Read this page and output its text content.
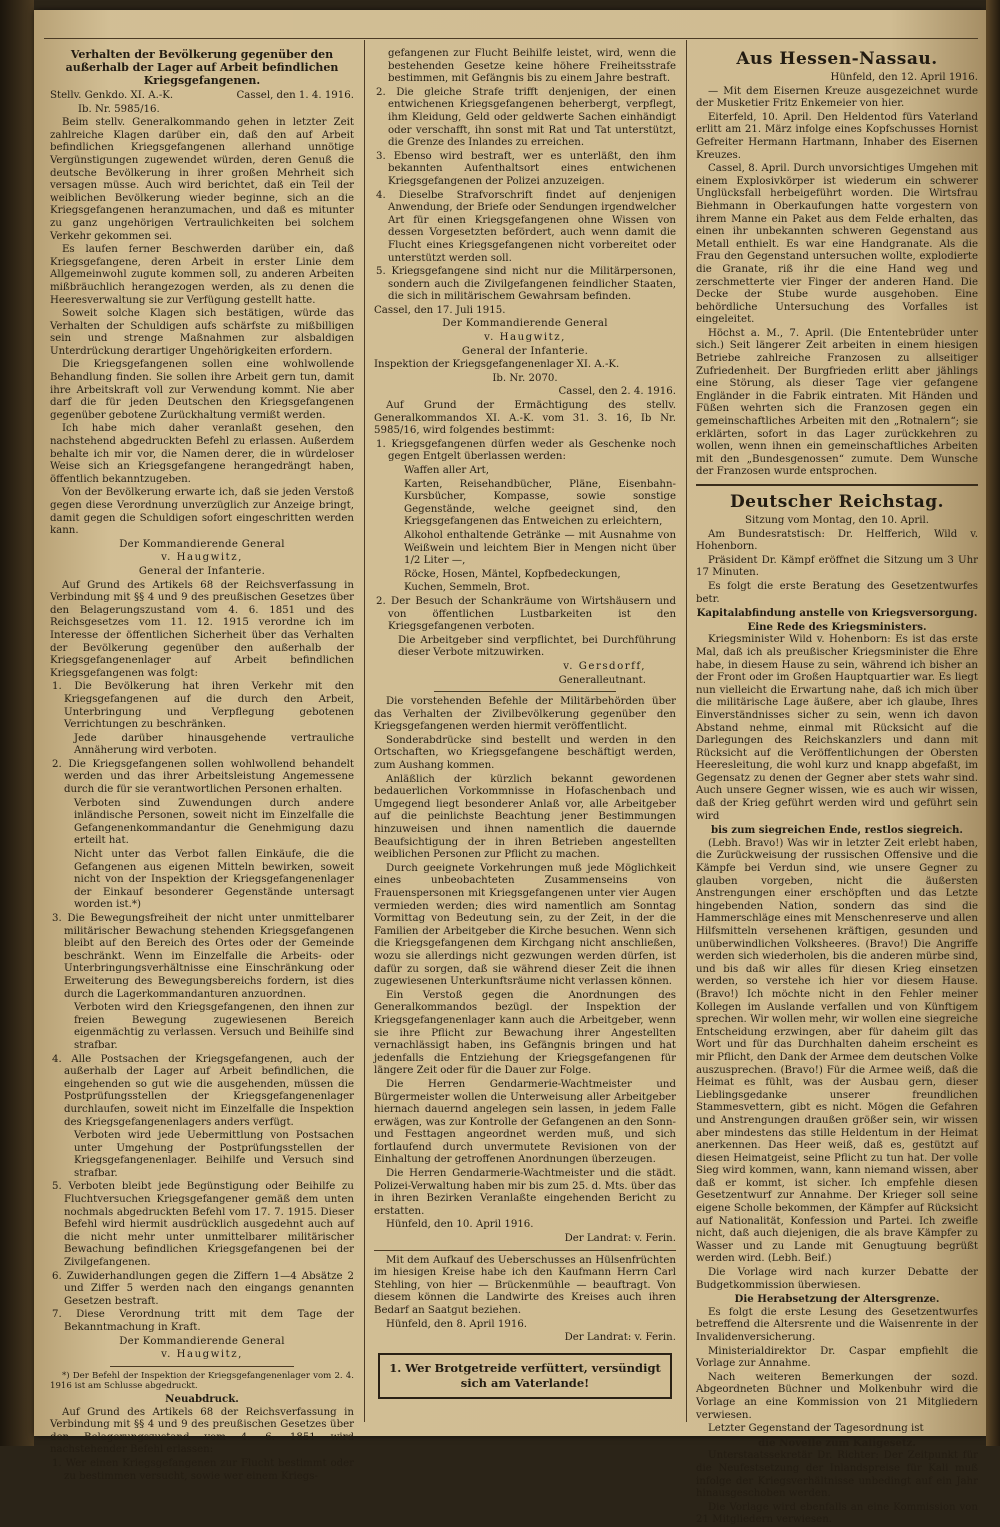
Verhalten der Bevölkerung gegenüber den außerhalb der Lager auf Arbeit befindlichen Kriegsgefangenen.

Stellv. Genkdo. XI. A.-K.	Cassel, den 1. 4. 1916.

Ib. Nr. 5985/16.

Beim stellv. Generalkommando gehen in letzter Zeit zahlreiche Klagen darüber ein, daß den auf Arbeit befindlichen Kriegsgefangenen allerhand unnötige Vergünstigungen zugewendet würden, deren Genuß die deutsche Bevölkerung in ihrer großen Mehrheit sich versagen müsse. Auch wird berichtet, daß ein Teil der weiblichen Bevölkerung wieder beginne, sich an die Kriegsgefangenen heranzumachen, und daß es mitunter zu ganz ungehörigen Vertraulichkeiten bei solchem Verkehr gekommen sei.

Es laufen ferner Beschwerden darüber ein, daß Kriegsgefangene, deren Arbeit in erster Linie dem Allgemeinwohl zugute kommen soll, zu anderen Arbeiten mißbräuchlich herangezogen werden, als zu denen die Heeresverwaltung sie zur Verfügung gestellt hatte.

Soweit solche Klagen sich bestätigen, würde das Verhalten der Schuldigen aufs schärfste zu mißbilligen sein und strenge Maßnahmen zur alsbaldigen Unterdrückung derartiger Ungehörigkeiten erfordern.

Die Kriegsgefangenen sollen eine wohlwollende Behandlung finden. Sie sollen ihre Arbeit gern tun, damit ihre Arbeitskraft voll zur Verwendung kommt. Nie aber darf die für jeden Deutschen den Kriegsgefangenen gegenüber gebotene Zurückhaltung vermißt werden.

Ich habe mich daher veranlaßt gesehen, den nachstehend abgedruckten Befehl zu erlassen. Außerdem behalte ich mir vor, die Namen derer, die in würdeloser Weise sich an Kriegsgefangene herangedrängt haben, öffentlich bekanntzugeben.

Von der Bevölkerung erwarte ich, daß sie jeden Verstoß gegen diese Verordnung unverzüglich zur Anzeige bringt, damit gegen die Schuldigen sofort eingeschritten werden kann.

Der Kommandierende General

v. Haugwitz,

General der Infanterie.

Auf Grund des Artikels 68 der Reichsverfassung in Verbindung mit §§ 4 und 9 des preußischen Gesetzes über den Belagerungszustand vom 4. 6. 1851 und des Reichsgesetzes vom 11. 12. 1915 verordne ich im Interesse der öffentlichen Sicherheit über das Verhalten der Bevölkerung gegenüber den außerhalb der Kriegsgefangenenlager auf Arbeit befindlichen Kriegsgefangenen was folgt:

1. Die Bevölkerung hat ihren Verkehr mit den Kriegsgefangenen auf die durch den Arbeit, Unterbringung und Verpflegung gebotenen Verrichtungen zu beschränken.

Jede darüber hinausgehende vertrauliche Annäherung wird verboten.

2. Die Kriegsgefangenen sollen wohlwollend behandelt werden und das ihrer Arbeitsleistung Angemessene durch die für sie verantwortlichen Personen erhalten.

Verboten sind Zuwendungen durch andere inländische Personen, soweit nicht im Einzelfalle die Gefangenenkommandantur die Genehmigung dazu erteilt hat.

Nicht unter das Verbot fallen Einkäufe, die die Gefangenen aus eigenen Mitteln bewirken, soweit nicht von der Inspektion der Kriegsgefangenenlager der Einkauf besonderer Gegenstände untersagt worden ist.*)

3. Die Bewegungsfreiheit der nicht unter unmittelbarer militärischer Bewachung stehenden Kriegsgefangenen bleibt auf den Bereich des Ortes oder der Gemeinde beschränkt. Wenn im Einzelfalle die Arbeits- oder Unterbringungsverhältnisse eine Einschränkung oder Erweiterung des Bewegungsbereichs fordern, ist dies durch die Lagerkommandanturen anzuordnen.

Verboten wird den Kriegsgefangenen, den ihnen zur freien Bewegung zugewiesenen Bereich eigenmächtig zu verlassen. Versuch und Beihilfe sind strafbar.

4. Alle Postsachen der Kriegsgefangenen, auch der außerhalb der Lager auf Arbeit befindlichen, die eingehenden so gut wie die ausgehenden, müssen die Postprüfungsstellen der Kriegsgefangenenlager durchlaufen, soweit nicht im Einzelfalle die Inspektion des Kriegsgefangenenlagers anders verfügt.

Verboten wird jede Uebermittlung von Postsachen unter Umgehung der Postprüfungsstellen der Kriegsgefangenenlager. Beihilfe und Versuch sind strafbar.

5. Verboten bleibt jede Begünstigung oder Beihilfe zu Fluchtversuchen Kriegsgefangener gemäß dem unten nochmals abgedruckten Befehl vom 17. 7. 1915. Dieser Befehl wird hiermit ausdrücklich ausgedehnt auch auf die nicht mehr unter unmittelbarer militärischer Bewachung befindlichen Kriegsgefangenen bei der Zivilgefangenen.

6. Zuwiderhandlungen gegen die Ziffern 1—4 Absätze 2 und Ziffer 5 werden nach den eingangs genannten Gesetzen bestraft.

7. Diese Verordnung tritt mit dem Tage der Bekanntmachung in Kraft.

Der Kommandierende General

v. Haugwitz,

*) Der Befehl der Inspektion der Kriegsgefangenenlager vom 2. 4. 1916 ist am Schlusse abgedruckt.

Neuabdruck.

Auf Grund des Artikels 68 der Reichsverfassung in Verbindung mit §§ 4 und 9 des preußischen Gesetzes über den Belagerungszustand vom 4. 6. 1851 wird nachstehender Befehl erlassen:

1. Wer einen Kriegsgefangenen zur Flucht bestimmt oder zu bestimmen versucht, sowie wer einem Kriegs-

gefangenen zur Flucht Beihilfe leistet, wird, wenn die bestehenden Gesetze keine höhere Freiheitsstrafe bestimmen, mit Gefängnis bis zu einem Jahre bestraft.

2. Die gleiche Strafe trifft denjenigen, der einen entwichenen Kriegsgefangenen beherbergt, verpflegt, ihm Kleidung, Geld oder geldwerte Sachen einhändigt oder verschafft, ihn sonst mit Rat und Tat unterstützt, die Grenze des Inlandes zu erreichen.

3. Ebenso wird bestraft, wer es unterläßt, den ihm bekannten Aufenthaltsort eines entwichenen Kriegsgefangenen der Polizei anzuzeigen.

4. Dieselbe Strafvorschrift findet auf denjenigen Anwendung, der Briefe oder Sendungen irgendwelcher Art für einen Kriegsgefangenen ohne Wissen von dessen Vorgesetzten befördert, auch wenn damit die Flucht eines Kriegsgefangenen nicht vorbereitet oder unterstützt werden soll.

5. Kriegsgefangene sind nicht nur die Militärpersonen, sondern auch die Zivilgefangenen feindlicher Staaten, die sich in militärischem Gewahrsam befinden.

Cassel, den 17. Juli 1915.

Der Kommandierende General

v. Haugwitz,

General der Infanterie.

Inspektion der Kriegsgefangenenlager XI. A.-K.

Ib. Nr. 2070.

Cassel, den 2. 4. 1916.

Auf Grund der Ermächtigung des stellv. Generalkommandos XI. A.-K. vom 31. 3. 16, Ib Nr. 5985/16, wird folgendes bestimmt:

1. Kriegsgefangenen dürfen weder als Geschenke noch gegen Entgelt überlassen werden:

Waffen aller Art,

Karten, Reisehandbücher, Pläne, Eisenbahn-Kursbücher, Kompasse, sowie sonstige Gegenstände, welche geeignet sind, den Kriegsgefangenen das Entweichen zu erleichtern,

Alkohol enthaltende Getränke — mit Ausnahme von Weißwein und leichtem Bier in Mengen nicht über 1/2 Liter —,

Röcke, Hosen, Mäntel, Kopfbedeckungen,

Kuchen, Semmeln, Brot.

2. Der Besuch der Schankräume von Wirtshäusern und von öffentlichen Lustbarkeiten ist den Kriegsgefangenen verboten.

Die Arbeitgeber sind verpflichtet, bei Durchführung dieser Verbote mitzuwirken.

v. Gersdorff,

Generalleutnant.

Die vorstehenden Befehle der Militärbehörden über das Verhalten der Zivilbevölkerung gegenüber den Kriegsgefangenen werden hiermit veröffentlicht.

Sonderabdrücke sind bestellt und werden in den Ortschaften, wo Kriegsgefangene beschäftigt werden, zum Aushang kommen.

Anläßlich der kürzlich bekannt gewordenen bedauerlichen Vorkommnisse in Hofaschenbach und Umgegend liegt besonderer Anlaß vor, alle Arbeitgeber auf die peinlichste Beachtung jener Bestimmungen hinzuweisen und ihnen namentlich die dauernde Beaufsichtigung der in ihren Betrieben angestellten weiblichen Personen zur Pflicht zu machen.

Durch geeignete Vorkehrungen muß jede Möglichkeit eines unbeobachteten Zusammenseins von Frauenspersonen mit Kriegsgefangenen unter vier Augen vermieden werden; dies wird namentlich am Sonntag Vormittag von Bedeutung sein, zu der Zeit, in der die Familien der Arbeitgeber die Kirche besuchen. Wenn sich die Kriegsgefangenen dem Kirchgang nicht anschließen, wozu sie allerdings nicht gezwungen werden dürfen, ist dafür zu sorgen, daß sie während dieser Zeit die ihnen zugewiesenen Unterkunftsräume nicht verlassen können.

Ein Verstoß gegen die Anordnungen des Generalkommandos bezügl. der Inspektion der Kriegsgefangenenlager kann auch die Arbeitgeber, wenn sie ihre Pflicht zur Bewachung ihrer Angestellten vernachlässigt haben, ins Gefängnis bringen und hat jedenfalls die Entziehung der Kriegsgefangenen für längere Zeit oder für die Dauer zur Folge.

Die Herren Gendarmerie-Wachtmeister und Bürgermeister wollen die Unterweisung aller Arbeitgeber hiernach dauernd angelegen sein lassen, in jedem Falle erwägen, was zur Kontrolle der Gefangenen an den Sonn- und Festtagen angeordnet werden muß, und sich fortlaufend durch unvermutete Revisionen von der Einhaltung der getroffenen Anordnungen überzeugen.

Die Herren Gendarmerie-Wachtmeister und die städt. Polizei-Verwaltung haben mir bis zum 25. d. Mts. über das in ihren Bezirken Veranlaßte eingehenden Bericht zu erstatten.

Hünfeld, den 10. April 1916.

Der Landrat: v. Ferin.

Mit dem Aufkauf des Ueberschusses an Hülsenfrüchten im hiesigen Kreise habe ich den Kaufmann Herrn Carl Stehling, von hier — Brückenmühle — beauftragt. Von diesem können die Landwirte des Kreises auch ihren Bedarf an Saatgut beziehen.

Hünfeld, den 8. April 1916.

Der Landrat: v. Ferin.

1. Wer Brotgetreide verfüttert, versündigt sich am Vaterlande!

Aus Hessen-Nassau.

Hünfeld, den 12. April 1916.

— Mit dem Eisernen Kreuze ausgezeichnet wurde der Musketier Fritz Enkemeier von hier.

Eiterfeld, 10. April. Den Heldentod fürs Vaterland erlitt am 21. März infolge eines Kopfschusses Hornist Gefreiter Hermann Hartmann, Inhaber des Eisernen Kreuzes.

Cassel, 8. April. Durch unvorsichtiges Umgehen mit einem Explosivkörper ist wiederum ein schwerer Unglücksfall herbeigeführt worden. Die Wirtsfrau Biehmann in Oberkaufungen hatte vorgestern von ihrem Manne ein Paket aus dem Felde erhalten, das einen ihr unbekannten schweren Gegenstand aus Metall enthielt. Es war eine Handgranate. Als die Frau den Gegenstand untersuchen wollte, explodierte die Granate, riß ihr die eine Hand weg und zerschmetterte vier Finger der anderen Hand. Die Decke der Stube wurde ausgehoben. Eine behördliche Untersuchung des Vorfalles ist eingeleitet.

Höchst a. M., 7. April. (Die Ententebrüder unter sich.) Seit längerer Zeit arbeiten in einem hiesigen Betriebe zahlreiche Franzosen zu allseitiger Zufriedenheit. Der Burgfrieden erlitt aber jählings eine Störung, als dieser Tage vier gefangene Engländer in die Fabrik eintraten. Mit Händen und Füßen wehrten sich die Franzosen gegen ein gemeinschaftliches Arbeiten mit den „Rotnalern“; sie erklärten, sofort in das Lager zurückkehren zu wollen, wenn ihnen ein gemeinschaftliches Arbeiten mit den „Bundesgenossen“ zumute. Dem Wunsche der Franzosen wurde entsprochen.

Deutscher Reichstag.

Sitzung vom Montag, den 10. April.

Am Bundesratstisch: Dr. Helfferich, Wild v. Hohenborn.

Präsident Dr. Kämpf eröffnet die Sitzung um 3 Uhr 17 Minuten.

Es folgt die erste Beratung des Gesetzentwurfes betr.

Kapitalabfindung anstelle von Kriegsversorgung.

Eine Rede des Kriegsministers.

Kriegsminister Wild v. Hohenborn: Es ist das erste Mal, daß ich als preußischer Kriegsminister die Ehre habe, in diesem Hause zu sein, während ich bisher an der Front oder im Großen Hauptquartier war. Es liegt nun vielleicht die Erwartung nahe, daß ich mich über die militärische Lage äußere, aber ich glaube, Ihres Einverständnisses sicher zu sein, wenn ich davon Abstand nehme, einmal mit Rücksicht auf die Darlegungen des Reichskanzlers und dann mit Rücksicht auf die Veröffentlichungen der Obersten Heeresleitung, die wohl kurz und knapp abgefaßt, im Gegensatz zu denen der Gegner aber stets wahr sind. Auch unsere Gegner wissen, wie es auch wir wissen, daß der Krieg geführt werden wird und geführt sein wird

bis zum siegreichen Ende, restlos siegreich.

(Lebh. Bravo!) Was wir in letzter Zeit erlebt haben, die Zurückweisung der russischen Offensive und die Kämpfe bei Verdun sind, wie unsere Gegner zu glauben vorgeben, nicht die äußersten Anstrengungen einer erschöpften und das Letzte hingebenden Nation, sondern das sind die Hammerschläge eines mit Menschenreserve und allen Hilfsmitteln versehenen kräftigen, gesunden und unüberwindlichen Volksheeres. (Bravo!) Die Angriffe werden sich wiederholen, bis die anderen mürbe sind, und bis daß wir alles für diesen Krieg einsetzen werden, so verstehe ich hier vor diesem Hause. (Bravo!) Ich möchte nicht in den Fehler meiner Kollegen im Auslande verfallen und von Künftigem sprechen. Wir wollen mehr, wir wollen eine siegreiche Entscheidung erzwingen, aber für daheim gilt das Wort und für das Durchhalten daheim erscheint es mir Pflicht, den Dank der Armee dem deutschen Volke auszusprechen. (Bravo!) Für die Armee weiß, daß die Heimat es fühlt, was der Ausbau gern, dieser Lieblingsgedanke unserer freundlichen Stammesvettern, gibt es nicht. Mögen die Gefahren und Anstrengungen draußen größer sein, wir wissen aber mindestens das stille Heldentum in der Heimat anerkennen. Das Heer weiß, daß es, gestützt auf diesen Heimatgeist, seine Pflicht zu tun hat. Der volle Sieg wird kommen, wann, kann niemand wissen, aber daß er kommt, ist sicher. Ich empfehle diesen Gesetzentwurf zur Annahme. Der Krieger soll seine eigene Scholle bekommen, der Kämpfer auf Rücksicht auf Nationalität, Konfession und Partei. Ich zweifle nicht, daß auch diejenigen, die als brave Kämpfer zu Wasser und zu Lande mit Genugtuung begrüßt werden wird. (Lebh. Beif.)

Die Vorlage wird nach kurzer Debatte der Budgetkommission überwiesen.

Die Herabsetzung der Altersgrenze.

Es folgt die erste Lesung des Gesetzentwurfes betreffend die Altersrente und die Waisenrente in der Invalidenversicherung.

Ministerialdirektor Dr. Caspar empfiehlt die Vorlage zur Annahme.

Nach weiteren Bemerkungen der sozd. Abgeordneten Büchner und Molkenbuhr wird die Vorlage an eine Kommission von 21 Mitgliedern verwiesen.

Letzter Gegenstand der Tagesordnung ist

die Novelle zum Kaligesetz.

Unterstaatssekretär Dr. Richter: Der Zeitpunkt für die Neufestsetzung der Inlandspreise für Kali muß infolge der Kriegsverhältnisse unbedingt auf ein Jahr hinausgeschoben werden.

Die Vorlage wird ebenfalls an eine Kommission von 21 Mitgliedern verwiesen.
